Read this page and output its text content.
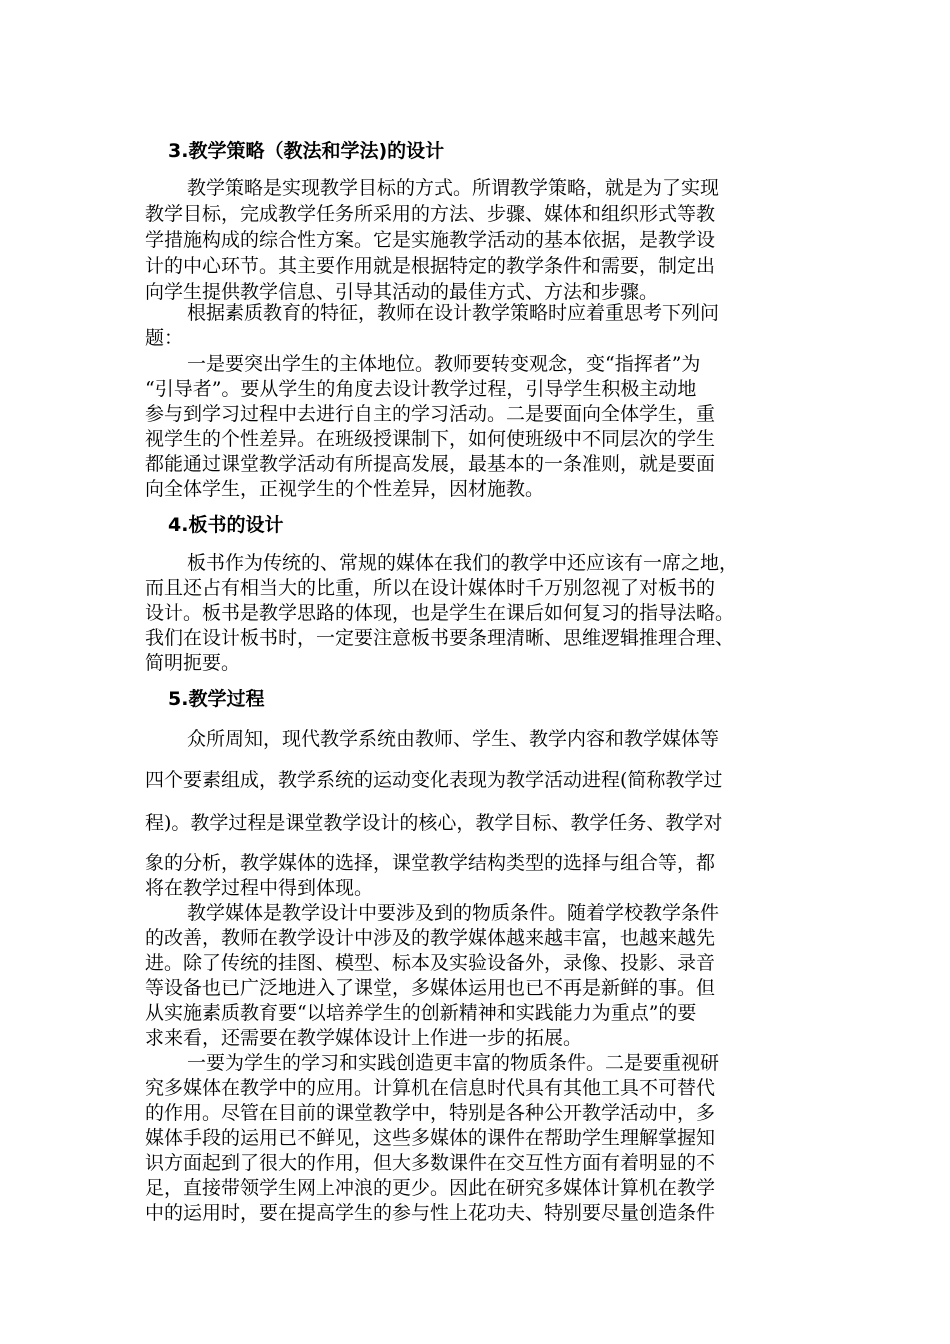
3.教学策略（教法和学法)的设计
教学策略是实现教学目标的方式。所谓教学策略，就是为了实现
教学目标，完成教学任务所采用的方法、步骤、媒体和组织形式等教
学措施构成的综合性方案。它是实施教学活动的基本依据，是教学设
计的中心环节。其主要作用就是根据特定的教学条件和需要，制定出
向学生提供教学信息、引导其活动的最佳方式、方法和步骤。
根据素质教育的特征，教师在设计教学策略时应着重思考下列问
题：
一是要突出学生的主体地位。教师要转变观念，变“指挥者”为
“引导者”。要从学生的角度去设计教学过程，引导学生积极主动地
参与到学习过程中去进行自主的学习活动。二是要面向全体学生，重
视学生的个性差异。在班级授课制下，如何使班级中不同层次的学生
都能通过课堂教学活动有所提高发展，最基本的一条准则，就是要面
向全体学生，正视学生的个性差异，因材施教。
4.板书的设计
板书作为传统的、常规的媒体在我们的教学中还应该有一席之地，
而且还占有相当大的比重，所以在设计媒体时千万别忽视了对板书的
设计。板书是教学思路的体现，也是学生在课后如何复习的指导法略。
我们在设计板书时，一定要注意板书要条理清晰、思维逻辑推理合理、
简明扼要。
5.教学过程
众所周知，现代教学系统由教师、学生、教学内容和教学媒体等
四个要素组成，教学系统的运动变化表现为教学活动进程(简称教学过
程)。教学过程是课堂教学设计的核心，教学目标、教学任务、教学对
象的分析，教学媒体的选择，课堂教学结构类型的选择与组合等，都
将在教学过程中得到体现。
教学媒体是教学设计中要涉及到的物质条件。随着学校教学条件
的改善，教师在教学设计中涉及的教学媒体越来越丰富，也越来越先
进。除了传统的挂图、模型、标本及实验设备外，录像、投影、录音
等设备也已广泛地进入了课堂，多媒体运用也已不再是新鲜的事。但
从实施素质教育要“以培养学生的创新精神和实践能力为重点”的要
求来看，还需要在教学媒体设计上作进一步的拓展。
一要为学生的学习和实践创造更丰富的物质条件。二是要重视研
究多媒体在教学中的应用。计算机在信息时代具有其他工具不可替代
的作用。尽管在目前的课堂教学中，特别是各种公开教学活动中，多
媒体手段的运用已不鲜见，这些多媒体的课件在帮助学生理解掌握知
识方面起到了很大的作用，但大多数课件在交互性方面有着明显的不
足，直接带领学生网上冲浪的更少。因此在研究多媒体计算机在教学
中的运用时，要在提高学生的参与性上花功夫、特别要尽量创造条件
